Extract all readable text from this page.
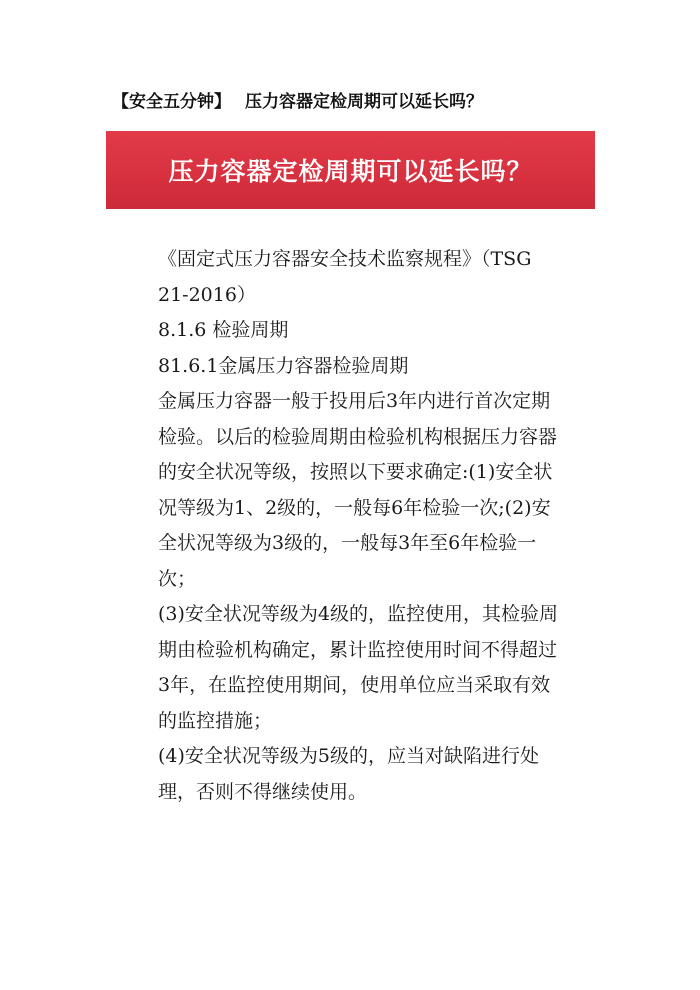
【安全五分钟】 压力容器定检周期可以延长吗？
压力容器定检周期可以延长吗？

《固定式压力容器安全技术监察规程》（TSG 21-2016）

8.1.6 检验周期

81.6.1金属压力容器检验周期

金属压力容器一般于投用后3年内进行首次定期检验。以后的检验周期由检验机构根据压力容器的安全状况等级，按照以下要求确定:(1)安全状况等级为1、2级的，一般每6年检验一次;(2)安全状况等级为3级的，一般每3年至6年检验一次；

(3)安全状况等级为4级的，监控使用，其检验周期由检验机构确定，累计监控使用时间不得超过3年，在监控使用期间，使用单位应当采取有效的监控措施；

(4)安全状况等级为5级的，应当对缺陷进行处理，否则不得继续使用。
